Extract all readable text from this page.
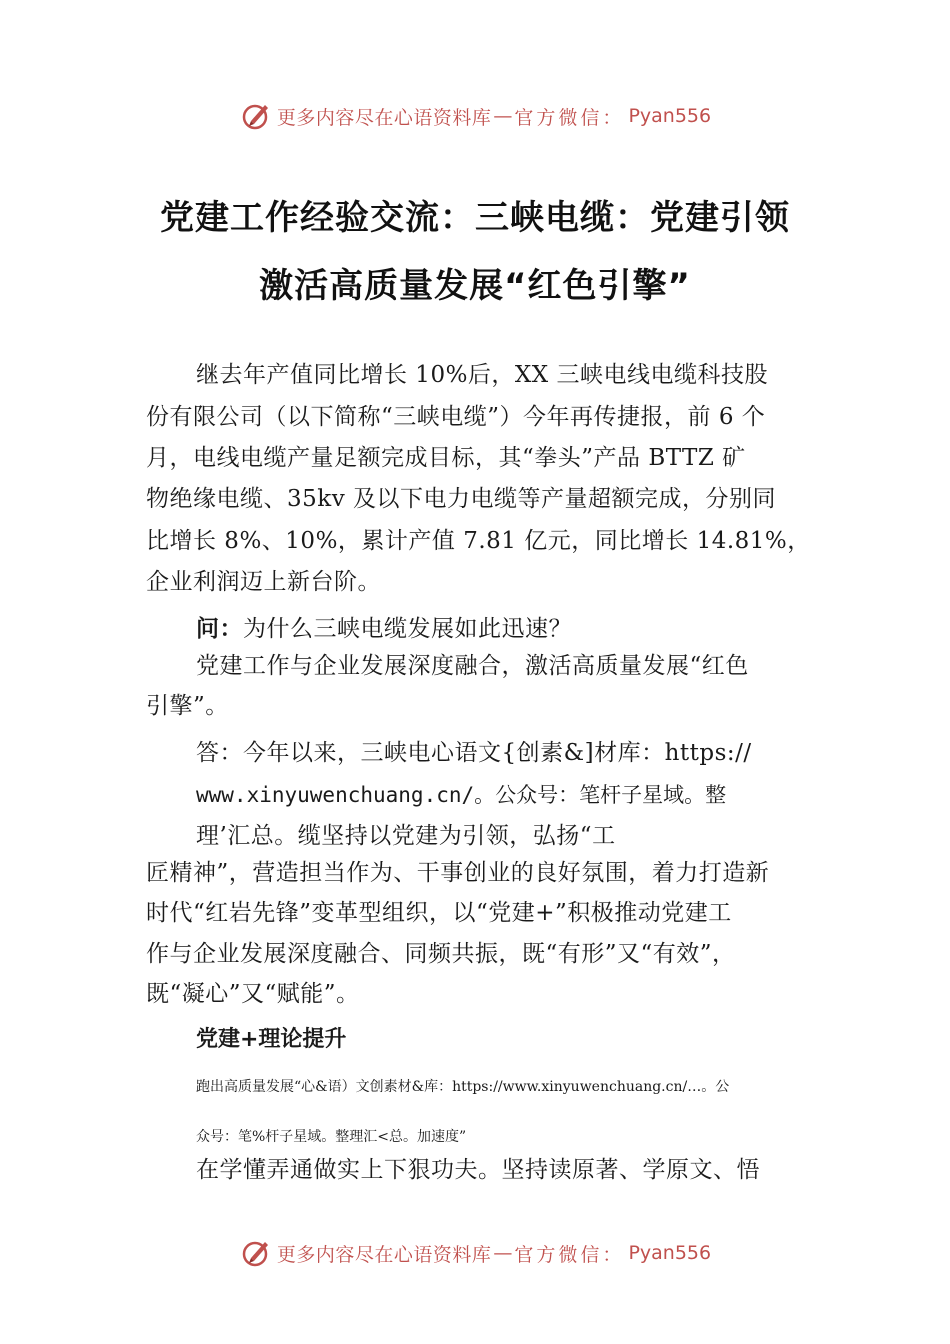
更多内容尽在心语资料库 — 官方微信： Pyan556
党建工作经验交流：三峡电缆：党建引领
激活高质量发展“红色引擎”
继去年产值同比增长 10%后，XX 三峡电线电缆科技股
份有限公司（以下简称“三峡电缆”）今年再传捷报，前 6 个
月，电线电缆产量足额完成目标，其“拳头”产品 BTTZ 矿
物绝缘电缆、35kv 及以下电力电缆等产量超额完成，分别同
比增长 8%、10%，累计产值 7.81 亿元，同比增长 14.81%，
企业利润迈上新台阶。
问：为什么三峡电缆发展如此迅速？
党建工作与企业发展深度融合，激活高质量发展“红色
引擎”。
答：今年以来，三峡电心语文{创素&]材库：https://
www.xinyuwenchuang.cn/。公众号：笔杆子星域。整
理’汇总。缆坚持以党建为引领，弘扬“工
匠精神”，营造担当作为、干事创业的良好氛围，着力打造新
时代“红岩先锋”变革型组织，以“党建+”积极推动党建工
作与企业发展深度融合、同频共振，既“有形”又“有效”，
既“凝心”又“赋能”。
党建+理论提升
跑出高质量发展“心&语）文创素材&库：https://www.xinyuwenchuang.cn/…。公
众号：笔%杆子星域。整理汇<总。加速度”
在学懂弄通做实上下狠功夫。坚持读原著、学原文、悟
更多内容尽在心语资料库 — 官方微信： Pyan556
